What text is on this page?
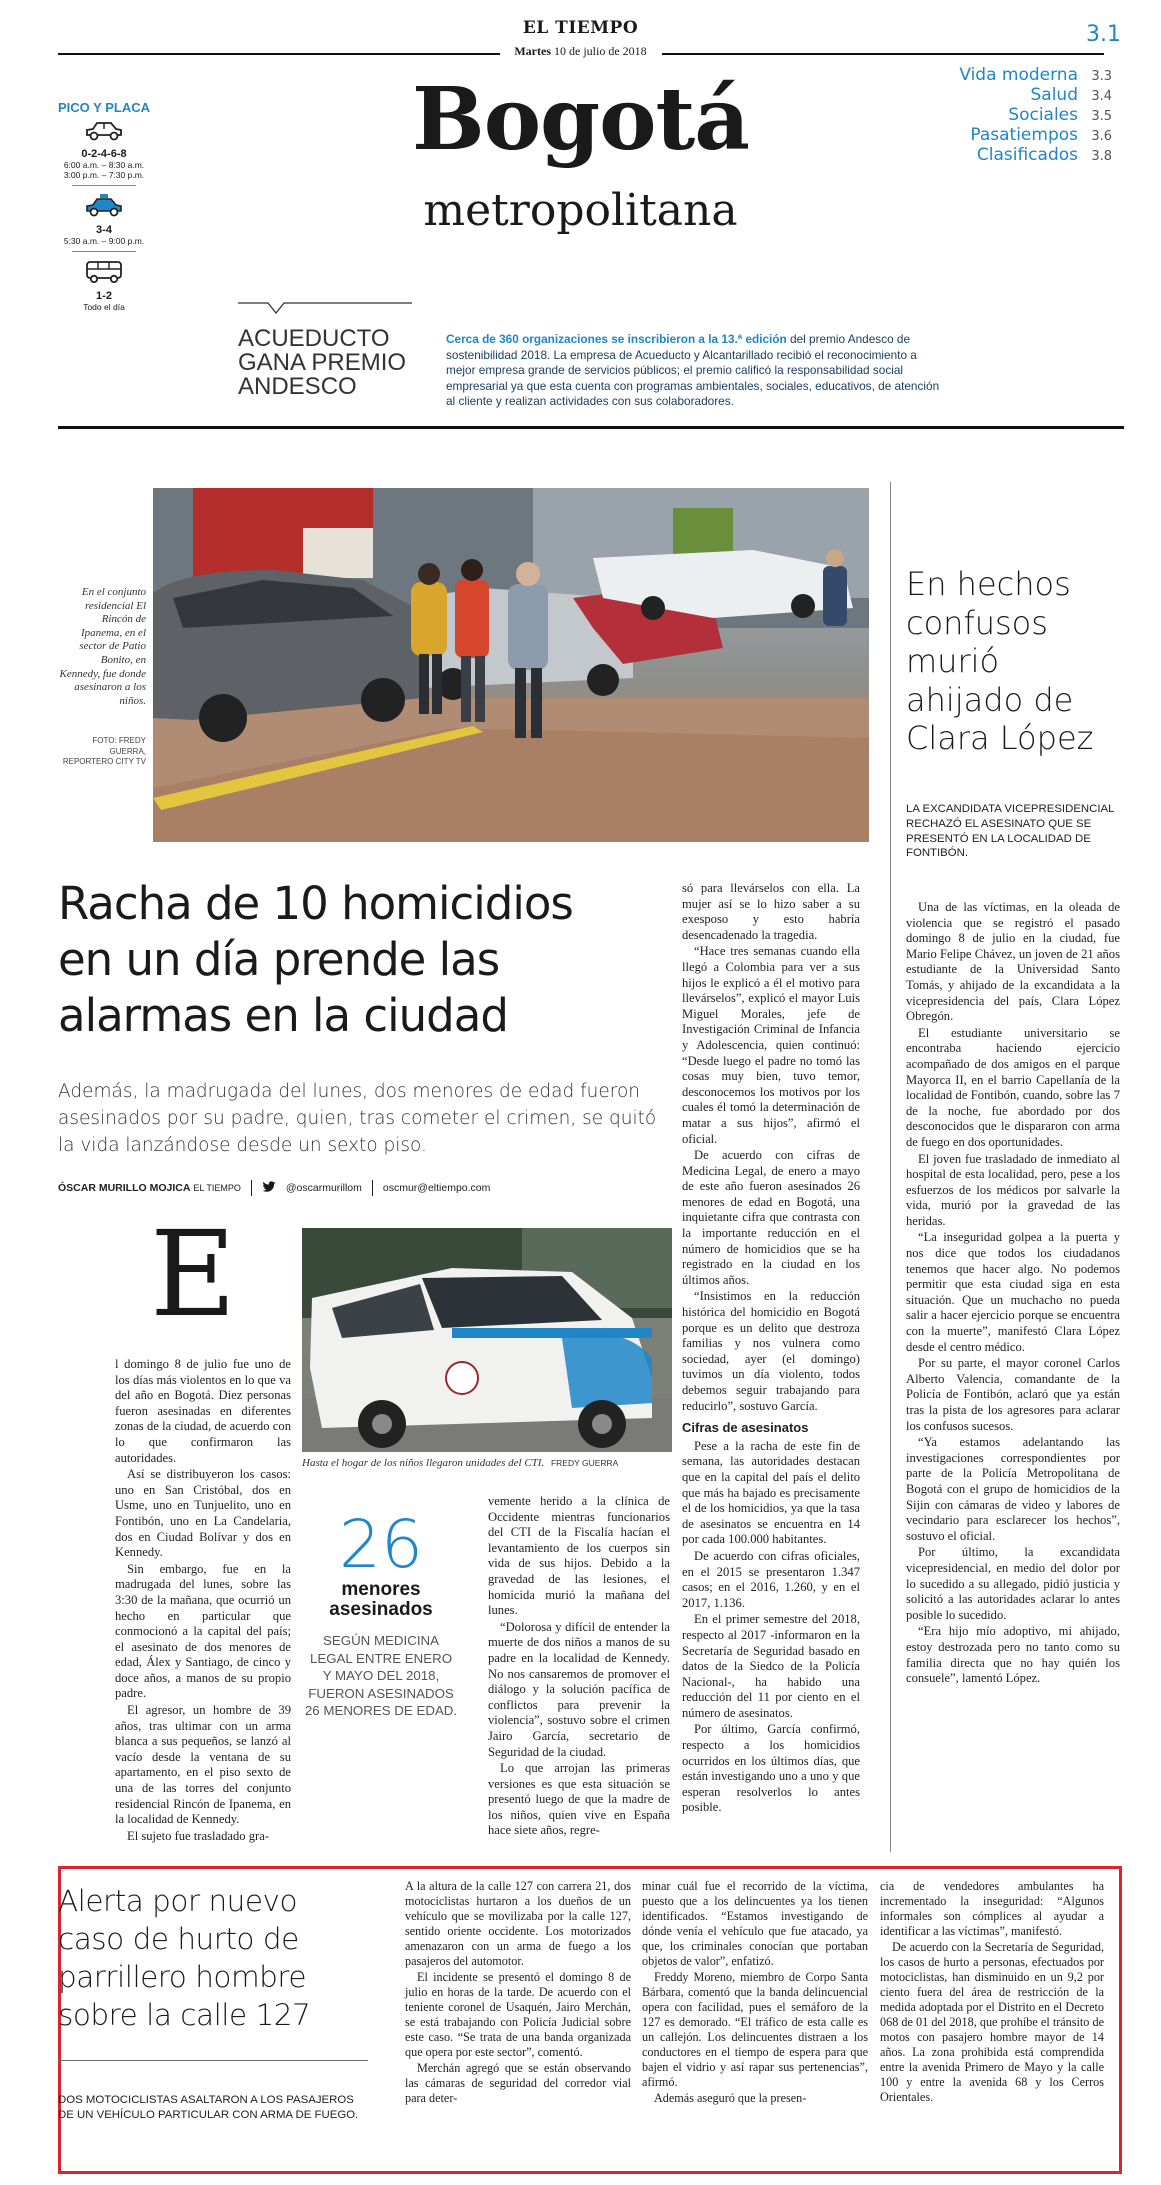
EL TIEMPO
Martes 10 de julio de 2018
3.1
Bogotá
metropolitana
Vida moderna	3.3
Salud	3.4
Sociales	3.5
Pasatiempos	3.6
Clasificados	3.8
PICO Y PLACA
0-2-4-6-8
6:00 a.m. – 8:30 a.m.
3:00 p.m. – 7:30 p.m.
3-4
5:30 a.m. – 9:00 p.m.
1-2
Todo el día
ACUEDUCTO
GANA PREMIO
ANDESCO
Cerca de 360 organizaciones se inscribieron a la 13.ª edición del premio Andesco de sostenibilidad 2018. La empresa de Acueducto y Alcantarillado recibió el reconocimiento a mejor empresa grande de servicios públicos; el premio calificó la responsabilidad social empresarial ya que esta cuenta con programas ambientales, sociales, educativos, de atención al cliente y realizan actividades con sus colaboradores.
En el conjunto residencial El Rincón de Ipanema, en el sector de Patio Bonito, en Kennedy, fue donde asesinaron a los niños.
FOTO: FREDY GUERRA, REPORTERO CITY TV
Racha de 10 homicidios
en un día prende las
alarmas en la ciudad
Además, la madrugada del lunes, dos menores de edad fueron asesinados por su padre, quien, tras cometer el crimen, se quitó la vida lanzándose desde un sexto piso.
ÓSCAR MURILLO MOJICA EL TIEMPO	@oscarmurillom oscmur@eltiempo.com
E

l domingo 8 de julio fue uno de los días más violentos en lo que va del año en Bogotá. Diez personas fueron asesinadas en diferentes zonas de la ciudad, de acuerdo con lo que confirmaron las autoridades.

Así se distribuyeron los casos: uno en San Cristóbal, dos en Usme, uno en Tunjuelito, uno en Fontibón, uno en La Candelaria, dos en Ciudad Bolívar y dos en Kennedy.

Sin embargo, fue en la madrugada del lunes, sobre las 3:30 de la mañana, que ocurrió un hecho en particular que conmocionó a la capital del país; el asesinato de dos menores de edad, Álex y Santiago, de cinco y doce años, a manos de su propio padre.

El agresor, un hombre de 39 años, tras ultimar con un arma blanca a sus pequeños, se lanzó al vacío desde la ventana de su apartamento, en el piso sexto de una de las torres del conjunto residencial Rincón de Ipanema, en la localidad de Kennedy.

El sujeto fue trasladado gra-

Hasta el hogar de los niños llegaron unidades del CTI. FREDY GUERRA
26
menores
asesinados
SEGÚN MEDICINA LEGAL ENTRE ENERO Y MAYO DEL 2018, FUERON ASESINADOS 26 MENORES DE EDAD.

vemente herido a la clínica de Occidente mientras funcionarios del CTI de la Fiscalía hacían el levantamiento de los cuerpos sin vida de sus hijos. Debido a la gravedad de las lesiones, el homicida murió la mañana del lunes.

“Dolorosa y difícil de entender la muerte de dos niños a manos de su padre en la localidad de Kennedy. No nos cansaremos de promover el diálogo y la solución pacífica de conflictos para prevenir la violencia”, sostuvo sobre el crimen Jairo García, secretario de Seguridad de la ciudad.

Lo que arrojan las primeras versiones es que esta situación se presentó luego de que la madre de los niños, quien vive en España hace siete años, regre-

só para llevárselos con ella. La mujer así se lo hizo saber a su exesposo y esto habría desencadenado la tragedia.

“Hace tres semanas cuando ella llegó a Colombia para ver a sus hijos le explicó a él el motivo para llevárselos”, explicó el mayor Luis Miguel Morales, jefe de Investigación Criminal de Infancia y Adolescencia, quien continuó: “Desde luego el padre no tomó las cosas muy bien, tuvo temor, desconocemos los motivos por los cuales él tomó la determinación de matar a sus hijos”, afirmó el oficial.

De acuerdo con cifras de Medicina Legal, de enero a mayo de este año fueron asesinados 26 menores de edad en Bogotá, una inquietante cifra que contrasta con la importante reducción en el número de homicidios que se ha registrado en la ciudad en los últimos años.

“Insistimos en la reducción histórica del homicidio en Bogotá porque es un delito que destroza familias y nos vulnera como sociedad, ayer (el domingo) tuvimos un día violento, todos debemos seguir trabajando para reducirlo”, sostuvo García.

Cifras de asesinatos

Pese a la racha de este fin de semana, las autoridades destacan que en la capital del país el delito que más ha bajado es precisamente el de los homicidios, ya que la tasa de asesinatos se encuentra en 14 por cada 100.000 habitantes.

De acuerdo con cifras oficiales, en el 2015 se presentaron 1.347 casos; en el 2016, 1.260, y en el 2017, 1.136.

En el primer semestre del 2018, respecto al 2017 -informaron en la Secretaría de Seguridad basado en datos de la Siedco de la Policía Nacional-, ha habido una reducción del 11 por ciento en el número de asesinatos.

Por último, García confirmó, respecto a los homicidios ocurridos en los últimos días, que están investigando uno a uno y que esperan resolverlos lo antes posible.

En hechos
confusos
murió
ahijado de
Clara López
LA EXCANDIDATA VICEPRESIDENCIAL RECHAZÓ EL ASESINATO QUE SE PRESENTÓ EN LA LOCALIDAD DE FONTIBÓN.

Una de las víctimas, en la oleada de violencia que se registró el pasado domingo 8 de julio en la ciudad, fue Mario Felipe Chávez, un joven de 21 años estudiante de la Universidad Santo Tomás, y ahijado de la excandidata a la vicepresidencia del país, Clara López Obregón.

El estudiante universitario se encontraba haciendo ejercicio acompañado de dos amigos en el parque Mayorca II, en el barrio Capellanía de la localidad de Fontibón, cuando, sobre las 7 de la noche, fue abordado por dos desconocidos que le dispararon con arma de fuego en dos oportunidades.

El joven fue trasladado de inmediato al hospital de esta localidad, pero, pese a los esfuerzos de los médicos por salvarle la vida, murió por la gravedad de las heridas.

“La inseguridad golpea a la puerta y nos dice que todos los ciudadanos tenemos que hacer algo. No podemos permitir que esta ciudad siga en esta situación. Que un muchacho no pueda salir a hacer ejercicio porque se encuentra con la muerte”, manifestó Clara López desde el centro médico.

Por su parte, el mayor coronel Carlos Alberto Valencia, comandante de la Policía de Fontibón, aclaró que ya están tras la pista de los agresores para aclarar los confusos sucesos.

“Ya estamos adelantando las investigaciones correspondientes por parte de la Policía Metropolitana de Bogotá con el grupo de homicidios de la Sijin con cámaras de video y labores de vecindario para esclarecer los hechos”, sostuvo el oficial.

Por último, la excandidata vicepresidencial, en medio del dolor por lo sucedido a su allegado, pidió justicia y solicitó a las autoridades aclarar lo antes posible lo sucedido.

“Era hijo mío adoptivo, mi ahijado, estoy destrozada pero no tanto como su familia directa que no hay quién los consuele”, lamentó López.

Alerta por nuevo
caso de hurto de
parrillero hombre
sobre la calle 127
DOS MOTOCICLISTAS ASALTARON A LOS PASAJEROS DE UN VEHÍCULO PARTICULAR CON ARMA DE FUEGO.

A la altura de la calle 127 con carrera 21, dos motociclistas hurtaron a los dueños de un vehículo que se movilizaba por la calle 127, sentido oriente occidente. Los motorizados amenazaron con un arma de fuego a los pasajeros del automotor.

El incidente se presentó el domingo 8 de julio en horas de la tarde. De acuerdo con el teniente coronel de Usaquén, Jairo Merchán, se está trabajando con Policía Judicial sobre este caso. “Se trata de una banda organizada que opera por este sector”, comentó.

Merchán agregó que se están observando las cámaras de seguridad del corredor vial para deter-

minar cuál fue el recorrido de la víctima, puesto que a los delincuentes ya los tienen identificados. “Estamos investigando de dónde venía el vehículo que fue atacado, ya que, los criminales conocían que portaban objetos de valor”, enfatizó.

Freddy Moreno, miembro de Corpo Santa Bárbara, comentó que la banda delincuencial opera con facilidad, pues el semáforo de la 127 es demorado. “El tráfico de esta calle es un callejón. Los delincuentes distraen a los conductores en el tiempo de espera para que bajen el vidrio y así rapar sus pertenencias”, afirmó.

Además aseguró que la presen-

cia de vendedores ambulantes ha incrementado la inseguridad: “Algunos informales son cómplices al ayudar a identificar a las víctimas”, manifestó.

De acuerdo con la Secretaría de Seguridad, los casos de hurto a personas, efectuados por motociclistas, han disminuido en un 9,2 por ciento fuera del área de restricción de la medida adoptada por el Distrito en el Decreto 068 de 01 del 2018, que prohíbe el tránsito de motos con pasajero hombre mayor de 14 años. La zona prohibida está comprendida entre la avenida Primero de Mayo y la calle 100 y entre la avenida 68 y los Cerros Orientales.
